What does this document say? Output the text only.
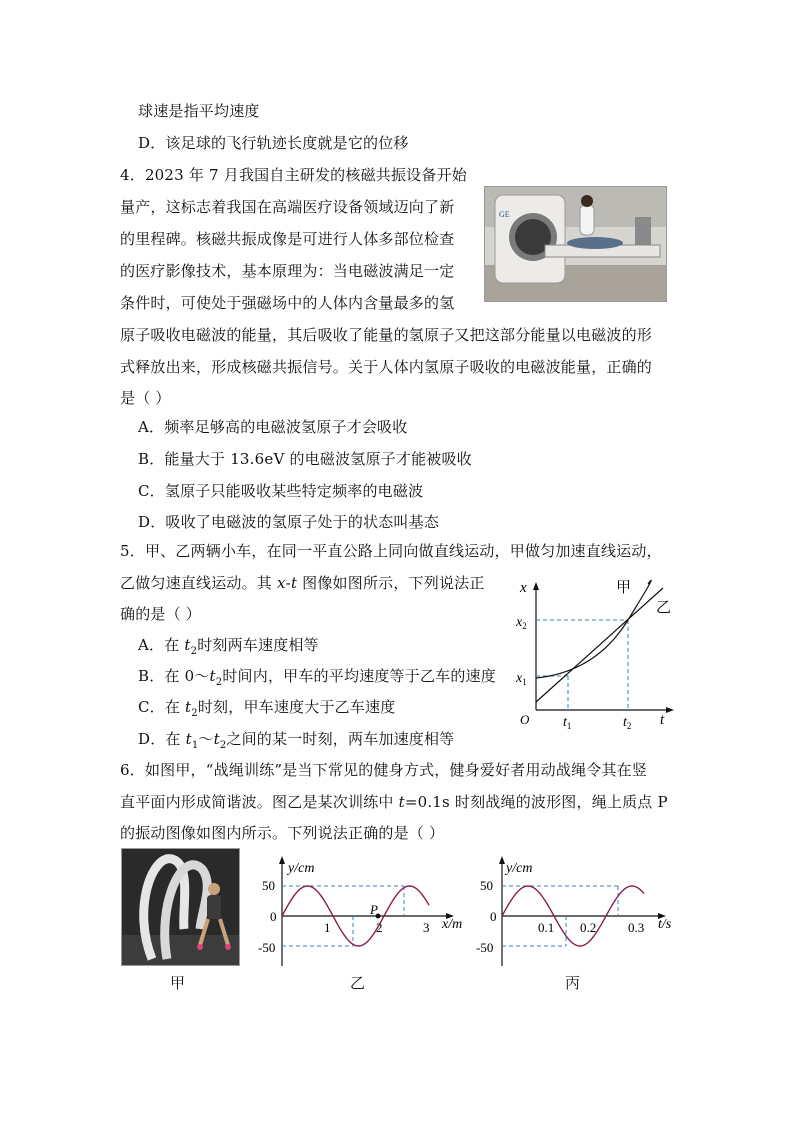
球速是指平均速度
D．该足球的飞行轨迹长度就是它的位移
4．2023 年 7 月我国自主研发的核磁共振设备开始
量产，这标志着我国在高端医疗设备领域迈向了新
的里程碑。核磁共振成像是可进行人体多部位检查
的医疗影像技术，基本原理为：当电磁波满足一定
条件时，可使处于强磁场中的人体内含量最多的氢
原子吸收电磁波的能量，其后吸收了能量的氢原子又把这部分能量以电磁波的形
式释放出来，形成核磁共振信号。关于人体内氢原子吸收的电磁波能量，正确的
是（ ）
A．频率足够高的电磁波氢原子才会吸收
B．能量大于 13.6eV 的电磁波氢原子才能被吸收
C．氢原子只能吸收某些特定频率的电磁波
D．吸收了电磁波的氢原子处于的状态叫基态
GE
5．甲、乙两辆小车，在同一平直公路上同向做直线运动，甲做匀加速直线运动，
乙做匀速直线运动。其 x-t 图像如图所示，下列说法正
确的是（ ）
A．在 $t_2$时刻两车速度相等
B．在 $0\sim t_2$时间内，甲车的平均速度等于乙车的速度
C．在 $t_2$时刻，甲车速度大于乙车速度
D．在 $t_1\sim t_2$之间的某一时刻，两车加速度相等
x
t
O
$x_2$
$x_1$
$t_1$	$t_2$
甲
乙
6．如图甲，“战绳训练”是当下常见的健身方式，健身爱好者用动战绳令其在竖
直平面内形成简谐波。图乙是某次训练中 t=0.1s 时刻战绳的波形图，绳上质点 P
的振动图像如图内所示。下列说法正确的是（ ）
y/cm
x/m
50
0
-50
1	2	3
P
y/cm
t/s
50
0
-50
0.1 0.2 0.3
甲	乙	丙
